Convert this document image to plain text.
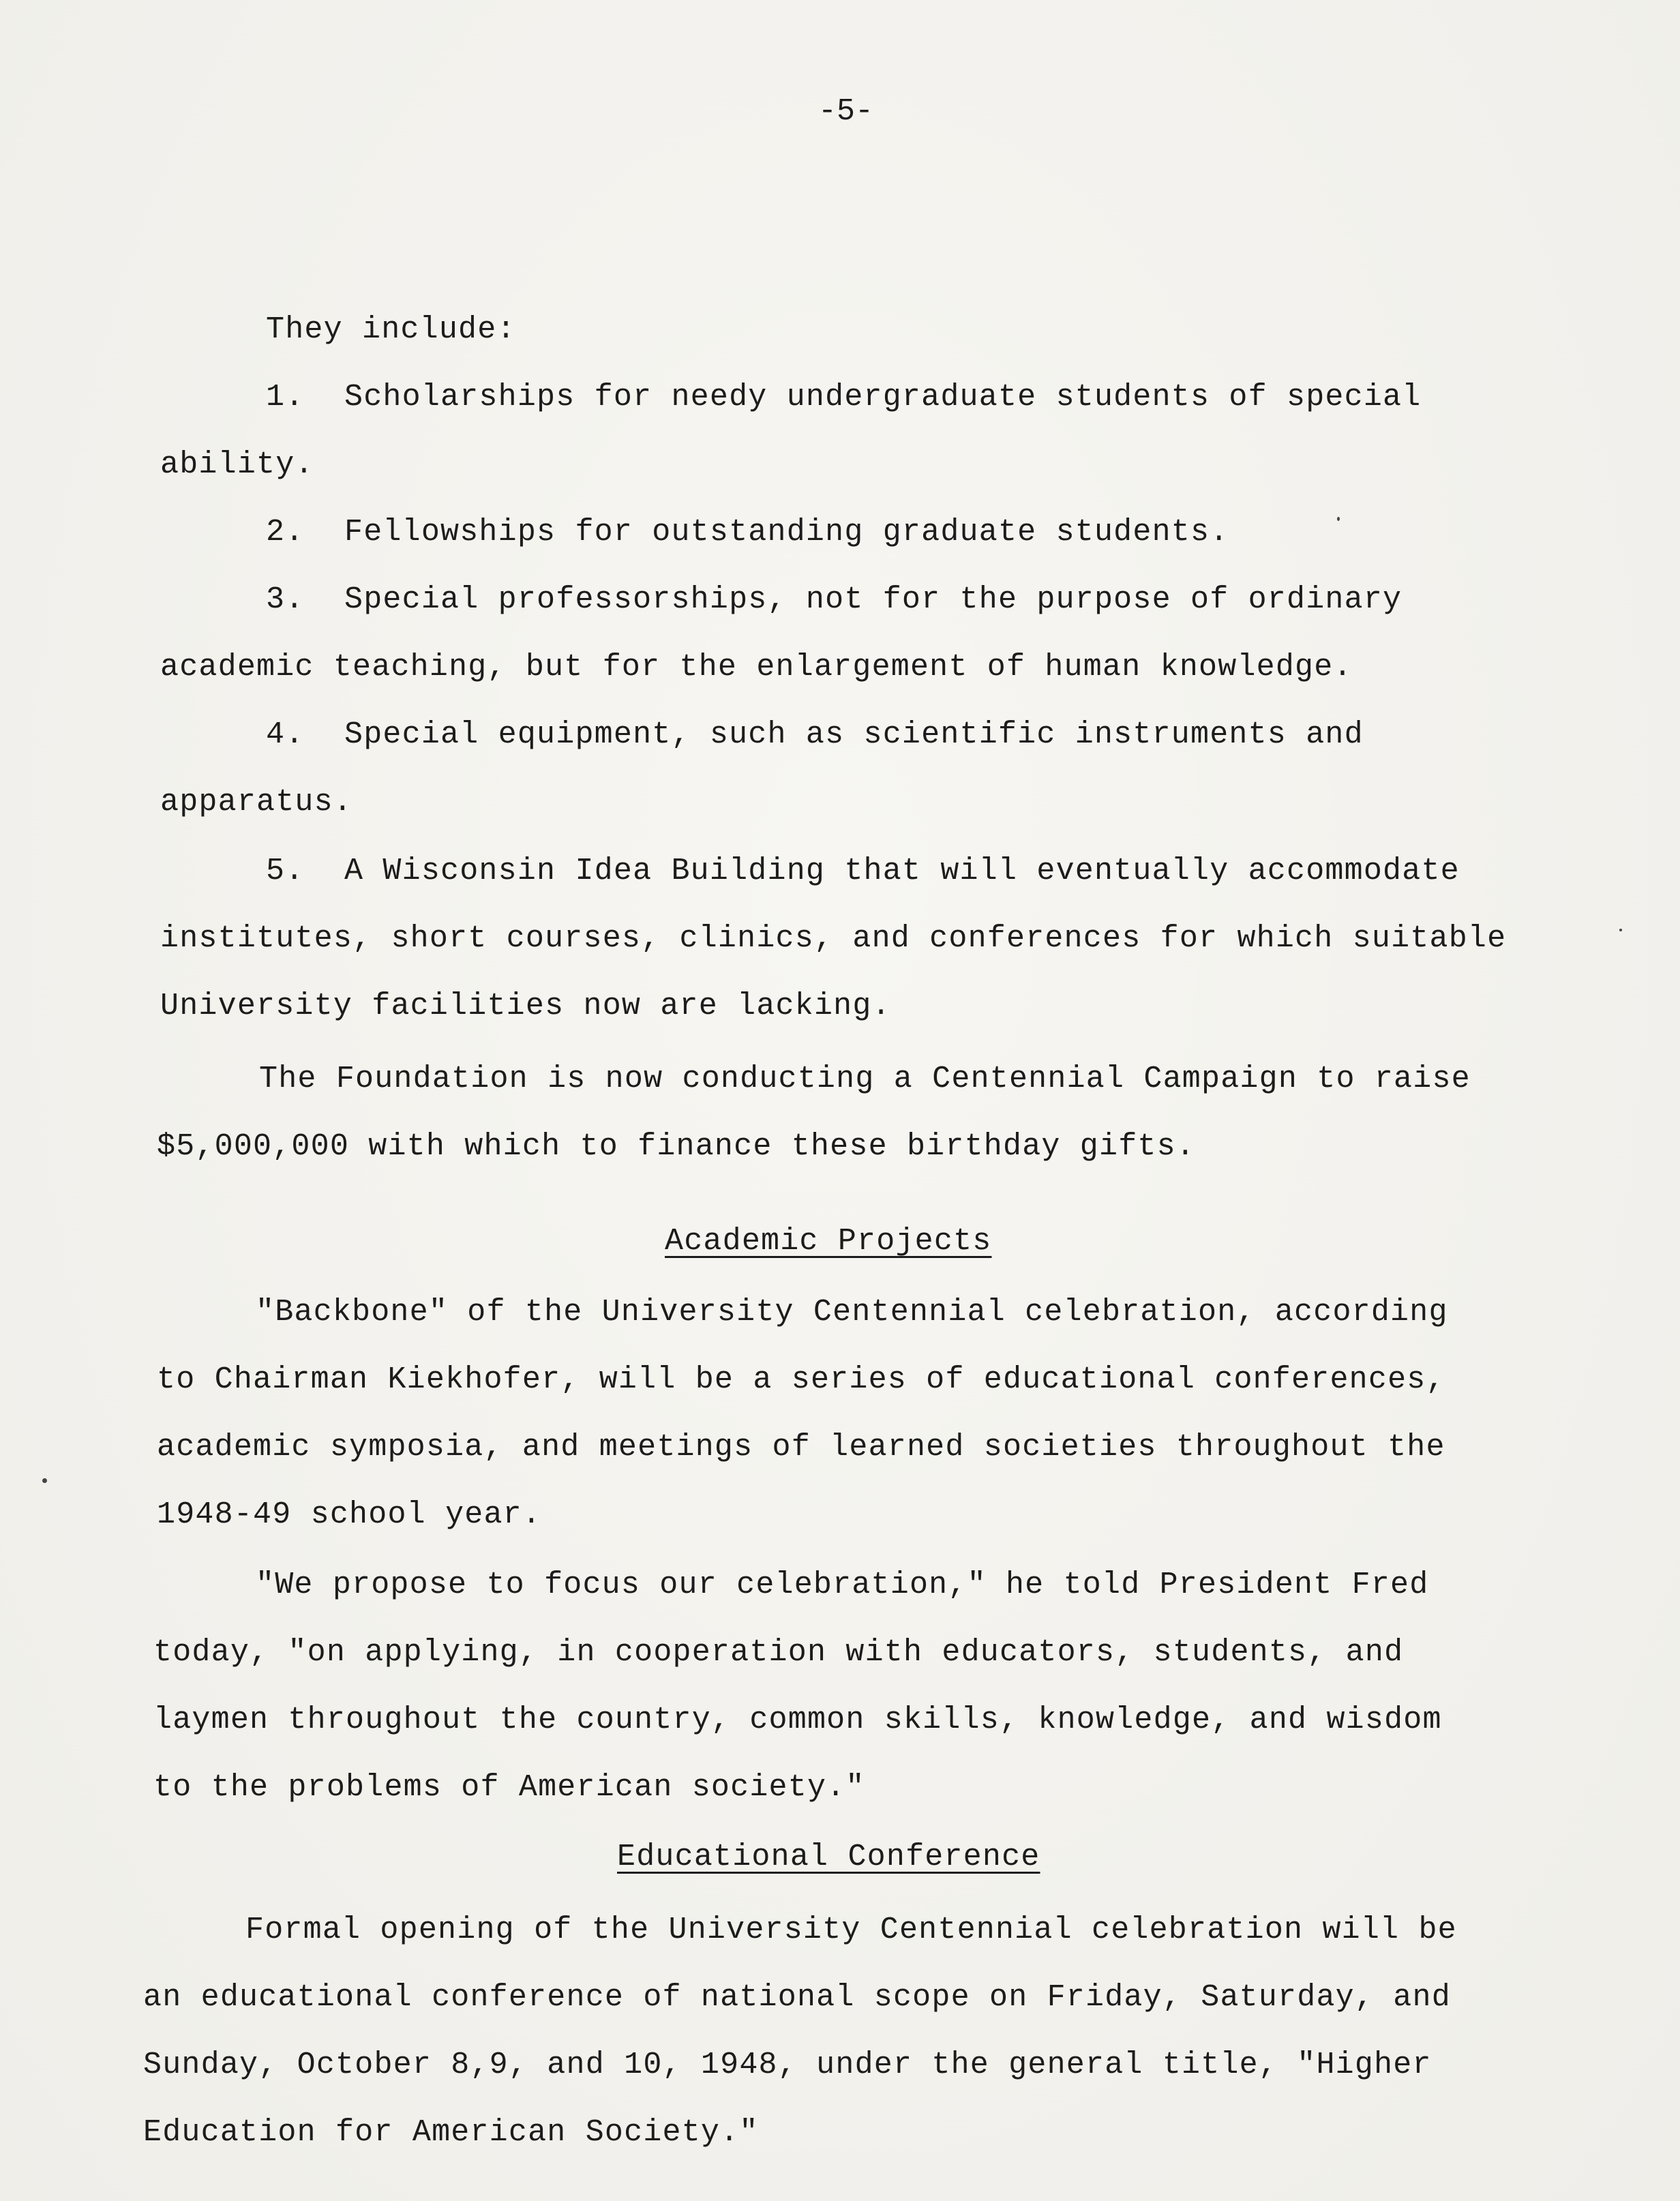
-5-
They include:
1. Scholarships for needy undergraduate students of special
ability.
2. Fellowships for outstanding graduate students.
3. Special professorships, not for the purpose of ordinary
academic teaching, but for the enlargement of human knowledge.
4. Special equipment, such as scientific instruments and
apparatus.
5. A Wisconsin Idea Building that will eventually accommodate
institutes, short courses, clinics, and conferences for which suitable
University facilities now are lacking.
The Foundation is now conducting a Centennial Campaign to raise
$5,000,000 with which to finance these birthday gifts.
Academic Projects
"Backbone" of the University Centennial celebration, according
to Chairman Kiekhofer, will be a series of educational conferences,
academic symposia, and meetings of learned societies throughout the
1948-49 school year.
"We propose to focus our celebration," he told President Fred
today, "on applying, in cooperation with educators, students, and
laymen throughout the country, common skills, knowledge, and wisdom
to the problems of American society."
Educational Conference
Formal opening of the University Centennial celebration will be
an educational conference of national scope on Friday, Saturday, and
Sunday, October 8,9, and 10, 1948, under the general title, "Higher
Education for American Society."
